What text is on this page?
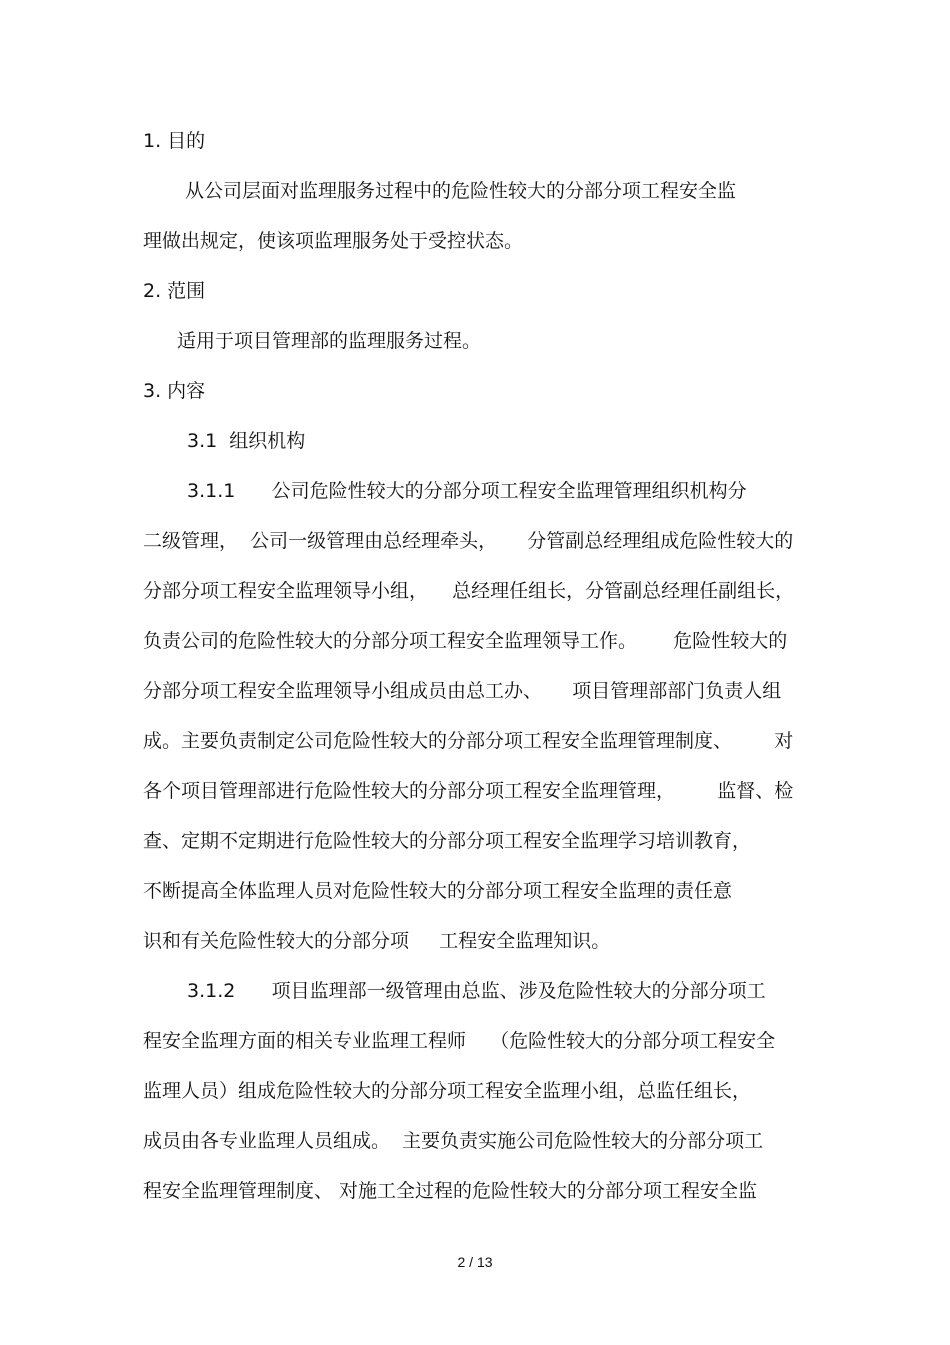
1. 目的
从公司层面对监理服务过程中的危险性较大的分部分项工程安全监
理做出规定，使该项监理服务处于受控状态。
2. 范围
适用于项目管理部的监理服务过程。
3. 内容
3.1  组织机构
3.1.1      公司危险性较大的分部分项工程安全监理管理组织机构分
二级管理，  公司一级管理由总经理牵头，     分管副总经理组成危险性较大的
分部分项工程安全监理领导小组，    总经理任组长，分管副总经理任副组长，
负责公司的危险性较大的分部分项工程安全监理领导工作。      危险性较大的
分部分项工程安全监理领导小组成员由总工办、     项目管理部部门负责人组
成。主要负责制定公司危险性较大的分部分项工程安全监理管理制度、       对
各个项目管理部进行危险性较大的分部分项工程安全监理管理，       监督、检
查、定期不定期进行危险性较大的分部分项工程安全监理学习培训教育，
不断提高全体监理人员对危险性较大的分部分项工程安全监理的责任意
识和有关危险性较大的分部分项     工程安全监理知识。
3.1.2      项目监理部一级管理由总监、涉及危险性较大的分部分项工
程安全监理方面的相关专业监理工程师    （危险性较大的分部分项工程安全
监理人员）组成危险性较大的分部分项工程安全监理小组，总监任组长，
成员由各专业监理人员组成。  主要负责实施公司危险性较大的分部分项工
程安全监理管理制度、 对施工全过程的危险性较大的分部分项工程安全监
2 / 13
